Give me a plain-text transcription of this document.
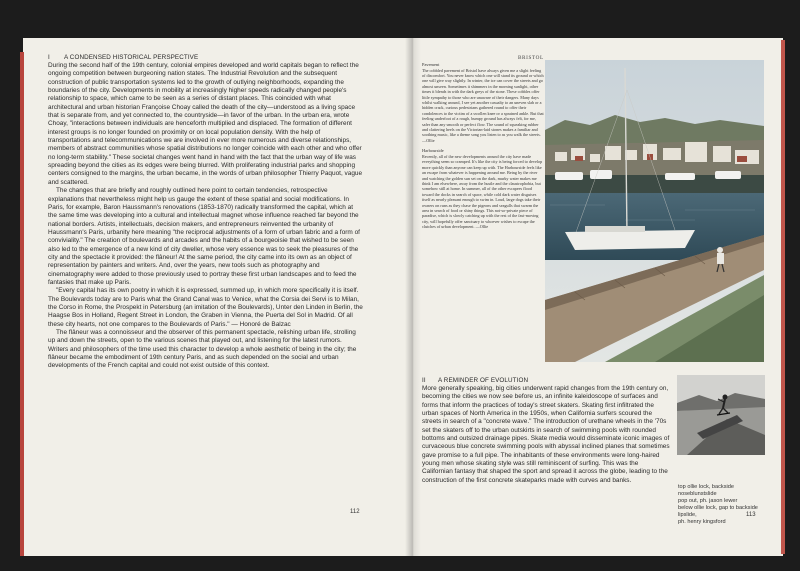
I A CONDENSED HISTORICAL PERSPECTIVE

During the second half of the 19th century, colonial empires developed and world capitals began to reflect the ongoing competition between burgeoning nation states. The Industrial Revolution and the subsequent construction of public transportation systems led to the growth of outlying neighborhoods, expanding the boundaries of the city. Developments in mobility at increasingly higher speeds radically changed people's relationship to space, which came to be seen as a series of distant places. This coincided with what architectural and urban historian Françoise Choay called the death of the city—understood as a living space that is separate from, and yet connected to, the countryside—in favor of the urban. In the urban era, wrote Choay, "interactions between individuals are henceforth multiplied and displaced. The formation of different interest groups is no longer founded on proximity or on local population density. With the help of transportations and telecommunications we are involved in ever more numerous and diverse relationships, members of abstract communities whose spatial distributions no longer coincide with each other and who offer no long-term stability." These societal changes went hand in hand with the fact that the urban way of life was spreading beyond the cities as its edges were being blurred. With proliferating industrial parks and shopping centers consigned to the margins, the urban became, in the words of urban philosopher Thierry Paquot, vague and scattered.

The changes that are briefly and roughly outlined here point to certain tendencies, retrospective explanations that nevertheless might help us gauge the extent of these spatial and social modifications. In Paris, for example, Baron Haussmann's renovations (1853-1870) radically transformed the capital, which at the same time was developing into a cultural and intellectual magnet whose influence reached far beyond the national borders. Artists, intellectuals, decision makers, and entrepreneurs reinvented the urbanity of Haussmann's Paris, urbanity here meaning "the reciprocal adjustments of a form of urban fabric and a form of conviviality." The creation of boulevards and arcades and the habits of a bourgeoisie that wished to be seen also led to the emergence of a new kind of city dweller, whose very essence was to seek the pleasures of the city and the spectacle it provided: the flâneur! At the same period, the city came into its own as an object of representation by painters and writers. And, over the years, new tools such as photography and cinematography were added to those previously used to portray these first urban landscapes and to feed the fantasies that make up Paris.

"Every capital has its own poetry in which it is expressed, summed up, in which more specifically it is itself. The Boulevards today are to Paris what the Grand Canal was to Venice, what the Corsia dei Servi is to Milan, the Corso in Rome, the Prospekt in Petersburg (an imitation of the Boulevards), Unter den Linden in Berlin, the Haagse Bos in Holland, Regent Street in London, the Graben in Vienna, the Puerta del Sol in Madrid. Of all these city hearts, not one compares to the Boulevards of Paris." — Honoré de Balzac

The flâneur was a connoisseur and the observer of this permanent spectacle, relishing urban life, strolling up and down the streets, open to the various scenes that played out, and listening for the latest rumors. Writers and philosophers of the time used this character to develop a whole aesthetic of being in the city; the flâneur became the embodiment of 19th century Paris, and as such depended on the social and urban developments of the French capital and could not exist outside of this context.

112
BRISTOL
Pavement

The cobbled pavement of Bristol have always given me a slight feeling of discomfort. You never know which one will stand its ground or which one will give way slightly. In winter, the ice can cover the streets and go almost unseen. Sometimes it shimmers in the morning sunlight, other times it blends in with the dark greys of the stone. These cobbles offer little sympathy to those who are unaware of their dangers. Many days whilst walking around, I see yet another casualty to an uneven slab or a hidden crack, curious pedestrians gathered round to offer their condolences to the victim of a swollen knee or a sprained ankle. But that feeling underfoot of a rough, bumpy ground has always felt, for me, safer than any smooth or perfect flow. The sound of squeaking rubber and clattering heels on the Victorian-laid stones makes a familiar and soothing music, like a theme song you listen to as you walk the streets. —Ollie

Harbourside

Recently, all of the new developments around the city have made everything seem so cramped. It's like the city is being forced to develop more quickly than anyone can keep up with. The Harbourside feels like an escape from whatever is happening around me. Being by the river and watching the golden sun set on the dark, murky water makes me think I am elsewhere, away from the hustle and the claustrophobia, but somehow still at home. In summer, all of the other escapees flood toward the docks in search of space, while cold dark water disguises itself as nearly pleasant enough to swim in. Loud, large dogs take their owners on runs as they chase the pigeons and seagulls that swarm the area in search of food or shiny things. This not-so-private piece of paradise, which is slowly catching up with the rest of the fast-moving city, will hopefully offer sanctuary to whoever wishes to escape the clutches of urban development. —Ollie

II A REMINDER OF EVOLUTION

More generally speaking, big cities underwent rapid changes from the 19th century on, becoming the cities we now see before us, an infinite kaleidoscope of surfaces and forms that inform the practices of today's street skaters. Skating first infiltrated the urban spaces of North America in the 1950s, when California surfers scoured the streets in search of a "concrete wave." The introduction of urethane wheels in the '70s set the skaters off to the urban outskirts in search of swimming pools with rounded bottoms and outsized drainage pipes. Skate media would disseminate iconic images of curvaceous blue concrete swimming pools with abyssal inclined planes that sometimes gave promise to a full pipe. The inhabitants of these environments were long-haired young men whose skating style was still reminiscent of surfing. This was the Californian fantasy that shaped the sport and spread it across the globe, leading to the construction of the first concrete skateparks made with curves and banks.

top ollie lock, backside noseblunstslide
pop out, ph. jason lewer
below ollie lock, gap to backside lipslide,
ph. henry kingsford
113
